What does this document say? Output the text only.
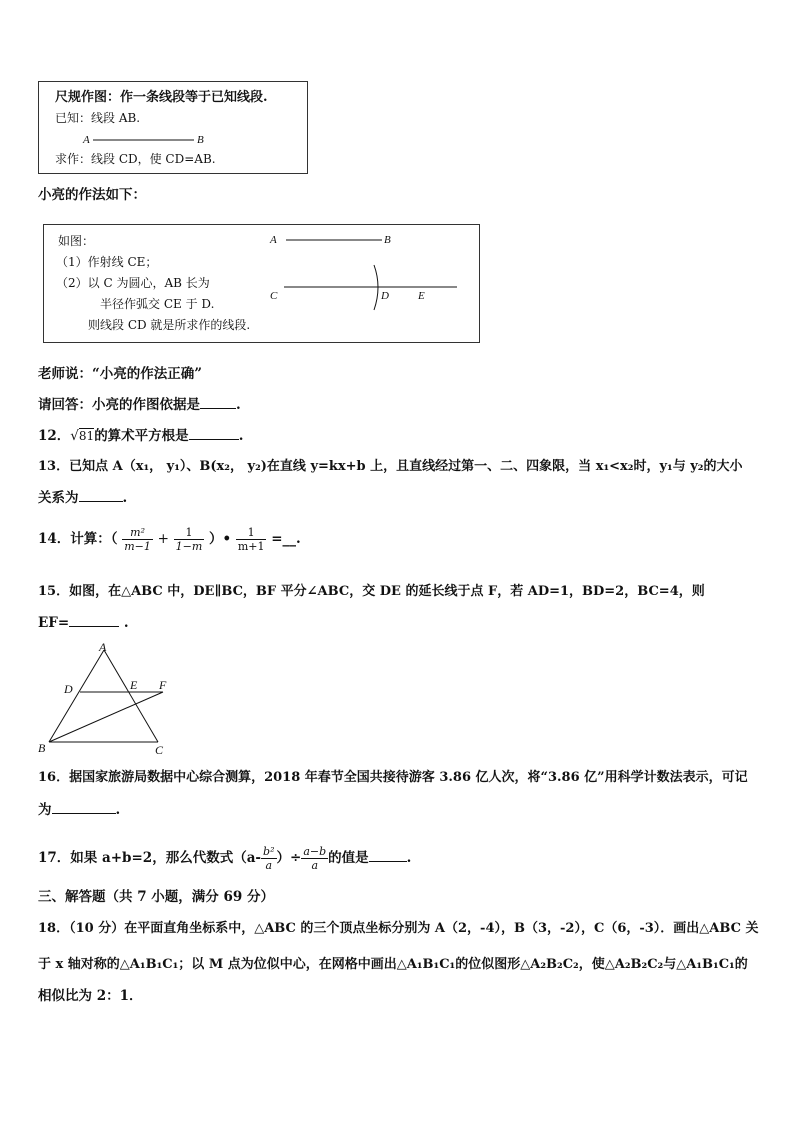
尺规作图：作一条线段等于已知线段.
已知：线段 AB.
A	B
求作：线段 CD，使 CD=AB.
小亮的作法如下：
如图：
（1）作射线 CE；
（2）以 C 为圆心，AB 长为
半径作弧交 CE 于 D.
则线段 CD 就是所求作的线段.
A	B
C	D	E
老师说：“小亮的作法正确”
请回答：小亮的作图依据是	.
12．√81的算术平方根是	.
13．已知点 A（x₁， y₁）、B(x₂， y₂)在直线 y=kx+b 上，且直线经过第一、二、四象限，当 x₁<x₂时，y₁与 y₂的大小
关系为	.
14．计算：（ $\frac{\text{m²}}{m-1} + \frac{1}{1-m}$ ）• $\frac{1}{m+1}$ =__.
15．如图，在△ABC 中，DE∥BC，BF 平分∠ABC，交 DE 的延长线于点 F，若 AD=1，BD=2，BC=4，则
EF=	.
A
D	E F
B	C
16．据国家旅游局数据中心综合测算，2018 年春节全国共接待游客 3.86 亿人次，将“3.86 亿”用科学计数法表示，可记
为	.
17．如果 a+b=2，那么代数式（$a- \frac{\text{b²}}{a}$ ）÷ $\frac{a-b}{a}$ 的值是	.
三、解答题（共 7 小题，满分 69 分）
18．（10 分）在平面直角坐标系中，△ABC 的三个顶点坐标分别为 A（2，-4），B（3，-2），C（6，-3）．画出△ABC 关
于 x 轴对称的△A₁B₁C₁；以 M 点为位似中心，在网格中画出△A₁B₁C₁的位似图形△A₂B₂C₂，使△A₂B₂C₂与△A₁B₁C₁的
相似比为 2：1．
